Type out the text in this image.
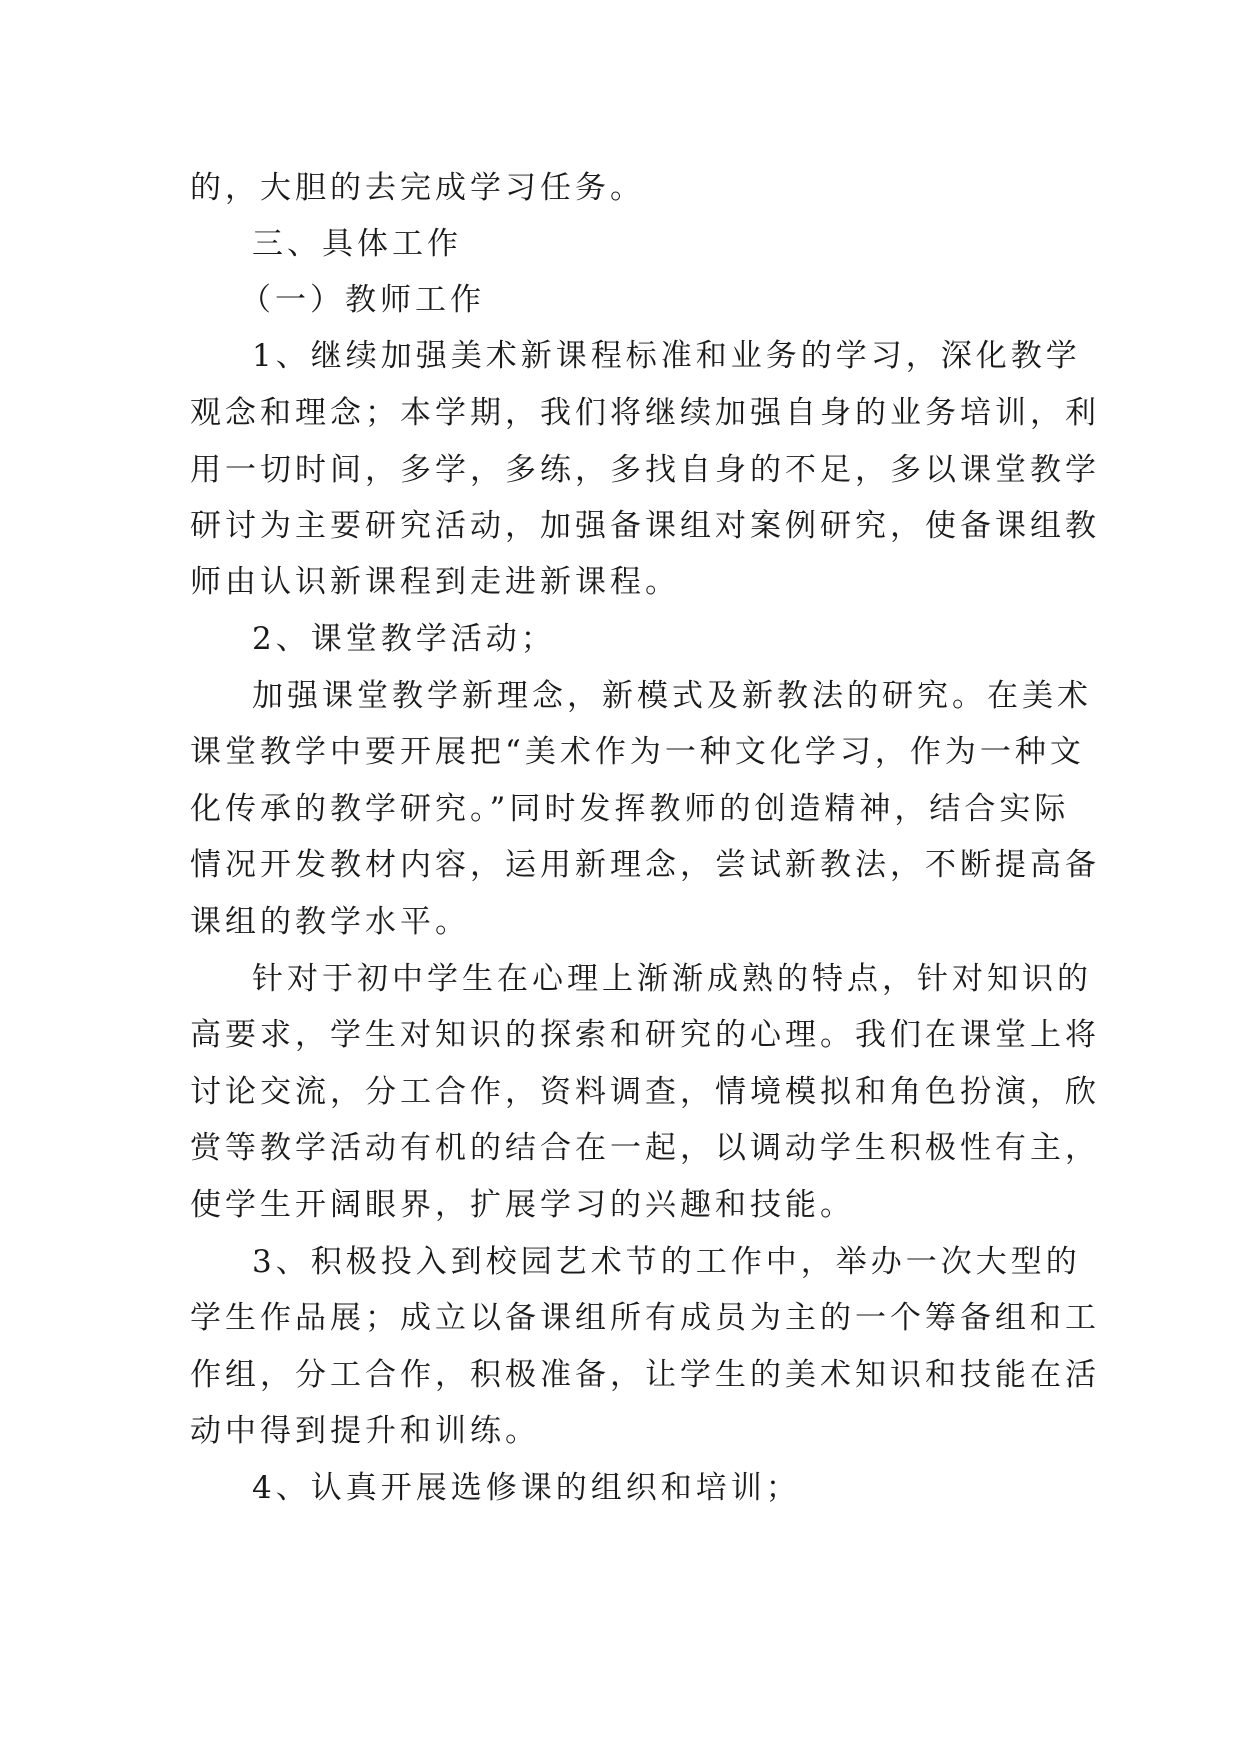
的，大胆的去完成学习任务。
三、具体工作
（一）教师工作
1、继续加强美术新课程标准和业务的学习，深化教学
观念和理念；本学期，我们将继续加强自身的业务培训，利
用一切时间，多学，多练，多找自身的不足，多以课堂教学
研讨为主要研究活动，加强备课组对案例研究，使备课组教
师由认识新课程到走进新课程。
2、课堂教学活动；
加强课堂教学新理念，新模式及新教法的研究。在美术
课堂教学中要开展把“美术作为一种文化学习，作为一种文
化传承的教学研究。”同时发挥教师的创造精神，结合实际
情况开发教材内容，运用新理念，尝试新教法，不断提高备
课组的教学水平。
针对于初中学生在心理上渐渐成熟的特点，针对知识的
高要求，学生对知识的探索和研究的心理。我们在课堂上将
讨论交流，分工合作，资料调查，情境模拟和角色扮演，欣
赏等教学活动有机的结合在一起，以调动学生积极性有主，
使学生开阔眼界，扩展学习的兴趣和技能。
3、积极投入到校园艺术节的工作中，举办一次大型的
学生作品展；成立以备课组所有成员为主的一个筹备组和工
作组，分工合作，积极准备，让学生的美术知识和技能在活
动中得到提升和训练。
4、认真开展选修课的组织和培训；
